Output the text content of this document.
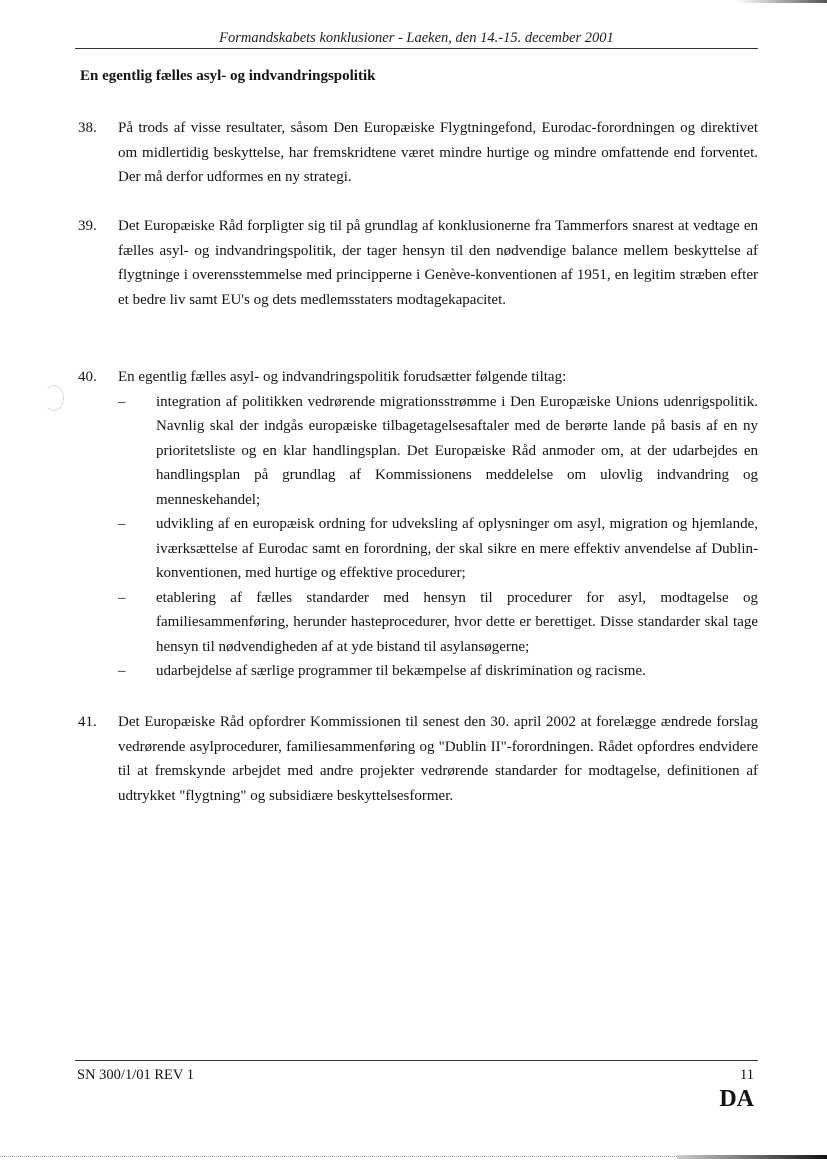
Formandskabets konklusioner - Laeken, den 14.-15. december 2001
En egentlig fælles asyl- og indvandringspolitik
38.	På trods af visse resultater, såsom Den Europæiske Flygtningefond, Eurodac-forordningen og direktivet om midlertidig beskyttelse, har fremskridtene været mindre hurtige og mindre omfattende end forventet. Der må derfor udformes en ny strategi.
39.	Det Europæiske Råd forpligter sig til på grundlag af konklusionerne fra Tammerfors snarest at vedtage en fælles asyl- og indvandringspolitik, der tager hensyn til den nødvendige balance mellem beskyttelse af flygtninge i overensstemmelse med principperne i Genève-konventionen af 1951, en legitim stræben efter et bedre liv samt EU's og dets medlemsstaters modtagekapacitet.
40.	En egentlig fælles asyl- og indvandringspolitik forudsætter følgende tiltag:
– integration af politikken vedrørende migrationsstrømme i Den Europæiske Unions udenrigspolitik. Navnlig skal der indgås europæiske tilbagetagelsesaftaler med de berørte lande på basis af en ny prioritetsliste og en klar handlingsplan. Det Europæiske Råd anmoder om, at der udarbejdes en handlingsplan på grundlag af Kommissionens meddelelse om ulovlig indvandring og menneskehandel;
– udvikling af en europæisk ordning for udveksling af oplysninger om asyl, migration og hjemlande, iværksættelse af Eurodac samt en forordning, der skal sikre en mere effektiv anvendelse af Dublin-konventionen, med hurtige og effektive procedurer;
– etablering af fælles standarder med hensyn til procedurer for asyl, modtagelse og familiesammenføring, herunder hasteprocedurer, hvor dette er berettiget. Disse standarder skal tage hensyn til nødvendigheden af at yde bistand til asylansøgerne;
– udarbejdelse af særlige programmer til bekæmpelse af diskrimination og racisme.
41.	Det Europæiske Råd opfordrer Kommissionen til senest den 30. april 2002 at forelægge ændrede forslag vedrørende asylprocedurer, familiesammenføring og "Dublin II"-forordningen. Rådet opfordres endvidere til at fremskynde arbejdet med andre projekter vedrørende standarder for modtagelse, definitionen af udtrykket "flygtning" og subsidiære beskyttelsesformer.
SN 300/1/01 REV 1	11
DA
